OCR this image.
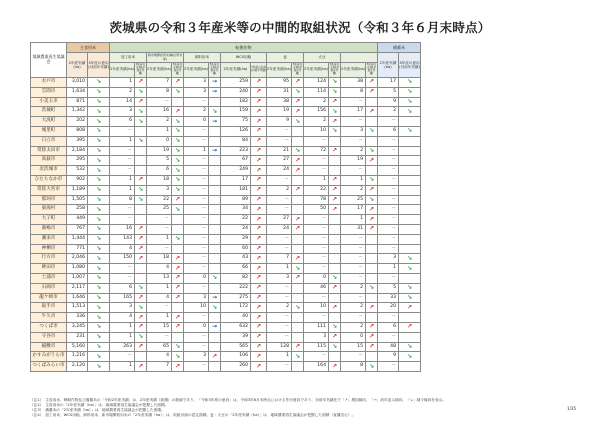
茨城県の令和３年産米等の中間的取組状況（令和３年６月末時点）
地域農業再生協議会	主食用米		転換作物														備蓄米	
	2年産実績(ha)	3年産の意向(対前年実績)	加工用米		新市場開拓用米(輸出用米等)		飼料用米		WCS用稲		麦		大豆				2年産実績(ha)	3年産の意向(対前年実績)
			2年産実績(ha)	3年産の意向(対前年実績)	2年産実績(ha)	3年産の意向(対前年実績)	2年産実績(ha)	3年産の意向(対前年実績)	2年産実績(ha)	3年産の意向(対前年実績)	2年産実績(ha)	3年産の意向(対前年実績)	2年産実績(ha)	3年産の意向(対前年実績)	2年産実績(ha)	3年産の意向(対前年実績)		
水戸市	3,010	↘	1	↗	7	↗	3	→	259	↗	95	↗	124	↘	38	↗	17	↘
笠間市	1,634	↘	2	↘	8	↘	3	→	240	↗	31	↘	114	↘	8	↗	5	↘
小美玉市	871	↘	14	↗	－		－		182	↗	38	↗	2	↗	－		9	↘
茨城町	1,342	↘	3	↘	16	↗	2	↘	159	↗	19	↗	156	↘	17	↗	2	↘
大洗町	202	↘	6	↘	2	↘	0	→	75	↗	9	↘	2	↗	－		－	
城里町	808	↘	－		1	↘	－		126	↗	－		10	↘	3	↘	6	↘
日立市	395	↘	1	↘	0	↘	－		84	↗	－		－		－		－	
常陸太田市	2,184	↘	－		19	↘	1	→	223	↗	21	↘	72	↗	2	↘	－	
高萩市	295	↘	－		5	↘	－		67	↗	27	↗	－		19	↗	－	
北茨城市	532	↘	－		6	↘	－		249	↗	24	↗	－		－		－	
ひたちなか市	902	↘	1	↗	18	↘	－		17	↗	－		1	↗	1	↘	－	
常陸大宮市	1,189	↘	1	↘	3	↘	－		181	↗	2	↗	22	↗	2	↗	－	
那珂市	1,505	↘	8	↘	22	↗	－		89	↗	－		78	↗	25	↘	－	
東海村	258	↘	－		25	↘	－		34	↗	－		50	↗	17	↗	－	
大子町	449	↘	－		－		－		22	↗	27	↗	－		1	↗	－	
鹿嶋市	767	↘	16	↗	－		－		24	↗	24	↗	－		31	↗	－	
潮来市	1,444	↘	143	↗	1	↘	－		29	↗	－		－		－		－	
神栖市	771	↘	4	↗	－		－		60	↗	－		－		－		－	
行方市	2,046	↘	150	↗	18	↗	－		43	↗	7	↗	－		－		3	↘
鉾田市	1,080	↘	－		4	↗	－		66	↗	1	↘	－		－		1	↘
土浦市	1,007	↘	－		13	↗	0	↘	82	↗	3	↗	0	↘	－		－	
石岡市	2,117	↘	6	↘	1	↗	－		222	↗	－		46	↗	2	↘	5	↘
龍ケ崎市	1,646	↘	165	↗	4	↗	3	→	275	↗	－		－		－		33	↘
取手市	1,513	↘	3	↘	－		10	↘	172	↗	2	↘	10	↗	2	↗	20	↗
牛久市	336	↘	4	↗	1	↗	－		40	↗	－		－		－		－	
つくば市	3,245	↘	1	↗	15	↗	0	→	632	↗	－		111	↘	2	↗	6	↗
守谷市	231	↘	1	↘	－		－		39	↗	－		3	↗	0	↗	－	
稲敷市	5,160	↘	263	↗	65	↘	－		565	↗	128	↗	115	↘	15	↗	48	↘
かすみがうら市	1,216	↘	－		4	↘	3	↗	106	↗	1	↘	－		－		9	↘
つくばみらい市	2,120	↘	1	↗	7	↗	－		260	↗	－		164	↗	8	↘	－	
（注1）　主食用米、戦略作物及び備蓄米の「令和2年産実績」は、2年産実績（面積）の数値であり、「令和3年産の意向」は、令和3年6月末時点における作付意向であり、対前年実績比で「↗」増加傾向、「→」前年並み傾向、「↘」減少傾向を表示。
（注2）　主食用米の「2年産実績（ha）」は、地域農業再生協議会が把握した面積。
（注3）　備蓄米の「2年産実績（ha）」は、地域農業再生協議会が把握した面積。
（注4）　加工用米、WCS用稲、飼料用米、新市場開拓用米の「2年産実績（ha）」は、取組計画の認定面積。麦・大豆の「2年産実績（ha）」は、地域農業再生協議会が把握した面積（直播含む）。
1/35
